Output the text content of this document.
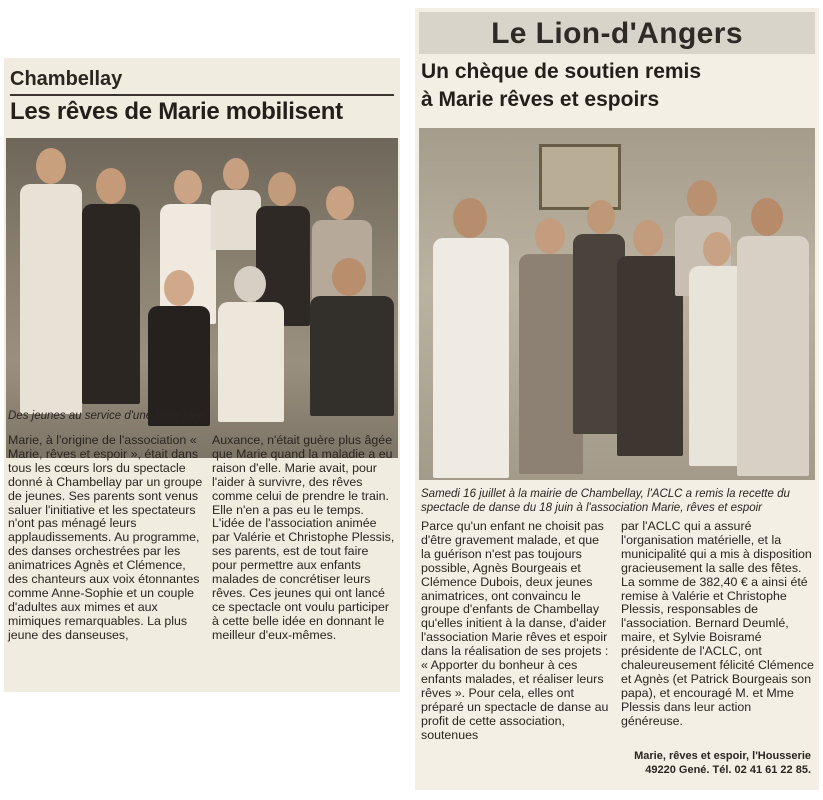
Chambellay
Les rêves de Marie mobilisent
Des jeunes au service d'une belle idée
Marie, à l'origine de l'association « Marie, rêves et espoir », était dans tous les cœurs lors du spectacle donné à Chambellay par un groupe de jeunes. Ses parents sont venus saluer l'initiative et les spectateurs n'ont pas ménagé leurs applaudissements. Au programme, des danses orchestrées par les animatrices Agnès et Clémence, des chanteurs aux voix étonnantes comme Anne-Sophie et un couple d'adultes aux mimes et aux mimiques remarquables. La plus jeune des danseuses,
Auxance, n'était guère plus âgée que Marie quand la maladie a eu raison d'elle. Marie avait, pour l'aider à survivre, des rêves comme celui de prendre le train. Elle n'en a pas eu le temps. L'idée de l'association animée par Valérie et Christophe Plessis, ses parents, est de tout faire pour permettre aux enfants malades de concrétiser leurs rêves. Ces jeunes qui ont lancé ce spectacle ont voulu participer à cette belle idée en donnant le meilleur d'eux-mêmes.
Le Lion-d'Angers
Un chèque de soutien remis
à Marie rêves et espoirs
Samedi 16 juillet à la mairie de Chambellay, l'ACLC a remis la recette du spectacle de danse du 18 juin à l'association Marie, rêves et espoir
Parce qu'un enfant ne choisit pas d'être gravement malade, et que la guérison n'est pas toujours possible, Agnès Bourgeais et Clémence Dubois, deux jeunes animatrices, ont convaincu le groupe d'enfants de Chambellay qu'elles initient à la danse, d'aider l'association Marie rêves et espoir dans la réalisation de ses projets : « Apporter du bonheur à ces enfants malades, et réaliser leurs rêves ». Pour cela, elles ont préparé un spectacle de danse au profit de cette association, soutenues
par l'ACLC qui a assuré l'organisation matérielle, et la municipalité qui a mis à disposition gracieusement la salle des fêtes. La somme de 382,40 € a ainsi été remise à Valérie et Christophe Plessis, responsables de l'association. Bernard Deumlé, maire, et Sylvie Boisramé présidente de l'ACLC, ont chaleureusement félicité Clémence et Agnès (et Patrick Bourgeais son papa), et encouragé M. et Mme Plessis dans leur action généreuse.
Marie, rêves et espoir, l'Housserie
49220 Gené. Tél. 02 41 61 22 85.
